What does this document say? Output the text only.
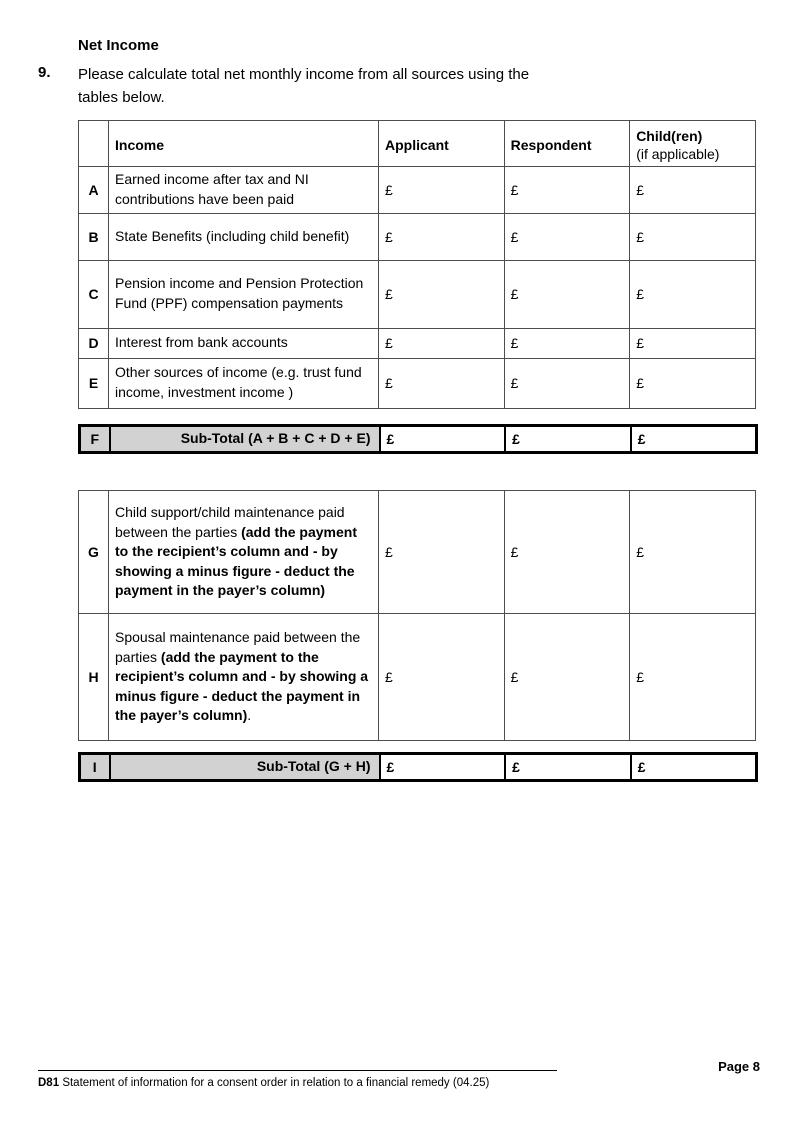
Net Income
9.	Please calculate total net monthly income from all sources using the tables below.
	Income	Applicant	Respondent	Child(ren)
(if applicable)

A	Earned income after tax and NI contributions have been paid	£	£	£
B	State Benefits (including child benefit)	£	£	£
C	Pension income and Pension Protection Fund (PPF) compensation payments	£	£	£
D	Interest from bank accounts	£	£	£
E	Other sources of income (e.g. trust fund income, investment income )	£	£	£
F	Sub-Total (A + B + C + D + E)	£	£	£
G	Child support/child maintenance paid between the parties (add the payment to the recipient’s column and - by showing a minus figure - deduct the payment in the payer’s column)	£	£	£
H	Spousal maintenance paid between the parties (add the payment to the recipient’s column and - by showing a minus figure - deduct the payment in the payer’s column).	£	£	£
I	Sub-Total (G + H)	£	£	£
Page 8
D81 Statement of information for a consent order in relation to a financial remedy (04.25)
